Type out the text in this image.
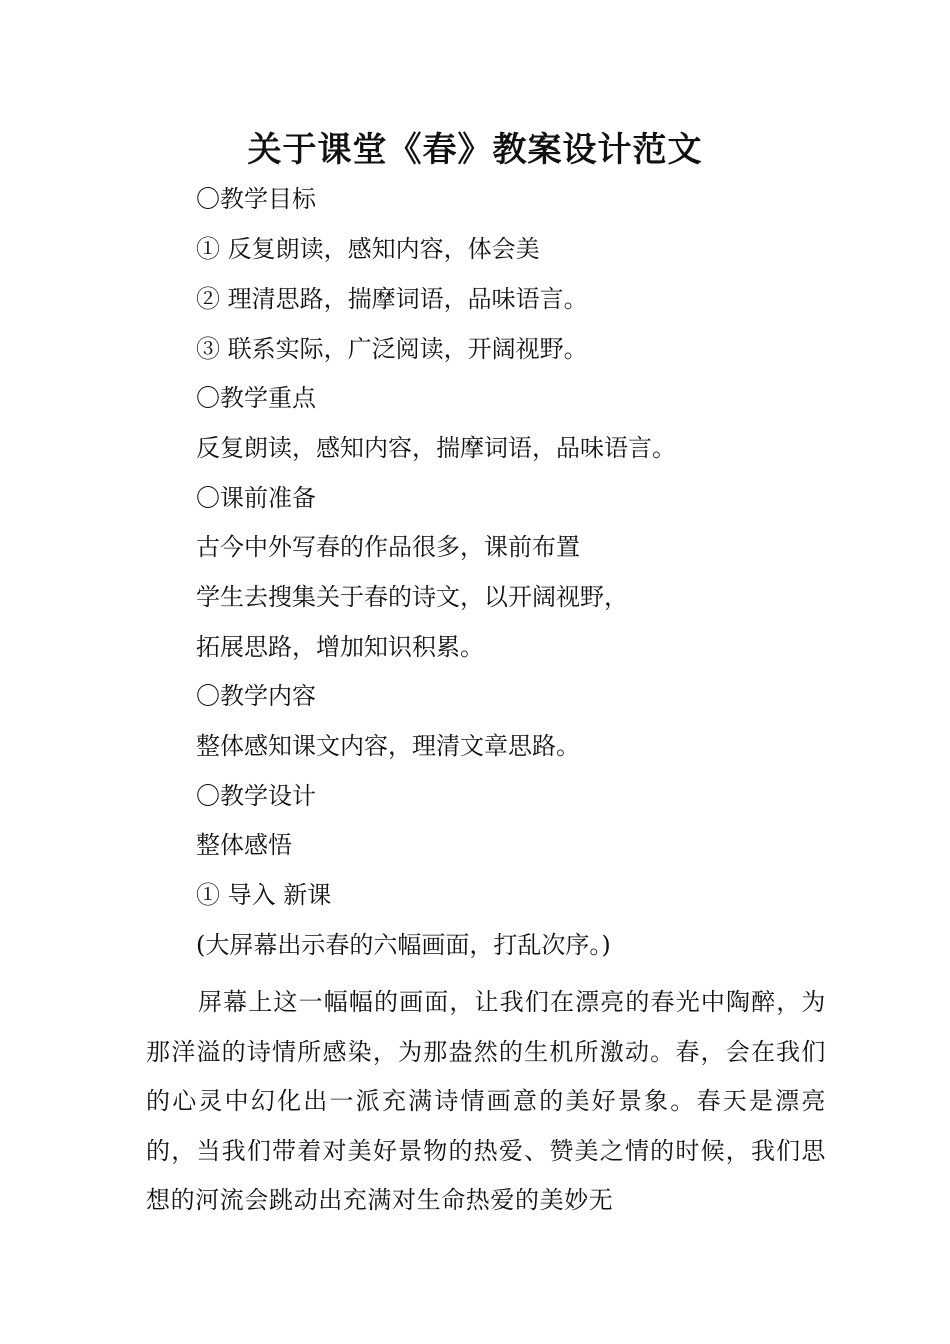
关于课堂《春》教案设计范文
〇教学目标
① 反复朗读，感知内容，体会美
② 理清思路，揣摩词语，品味语言。
③ 联系实际，广泛阅读，开阔视野。
〇教学重点
反复朗读，感知内容，揣摩词语，品味语言。
〇课前准备
古今中外写春的作品很多，课前布置
学生去搜集关于春的诗文，以开阔视野，
拓展思路，增加知识积累。
〇教学内容
整体感知课文内容，理清文章思路。
〇教学设计
整体感悟
① 导入 新课
(大屏幕出示春的六幅画面，打乱次序。)
屏幕上这一幅幅的画面，让我们在漂亮的春光中陶醉，为那洋溢的诗情所感染，为那盎然的生机所激动。春，会在我们的心灵中幻化出一派充满诗情画意的美好景象。春天是漂亮的，当我们带着对美好景物的热爱、赞美之情的时候，我们思想的河流会跳动出充满对生命热爱的美妙无
